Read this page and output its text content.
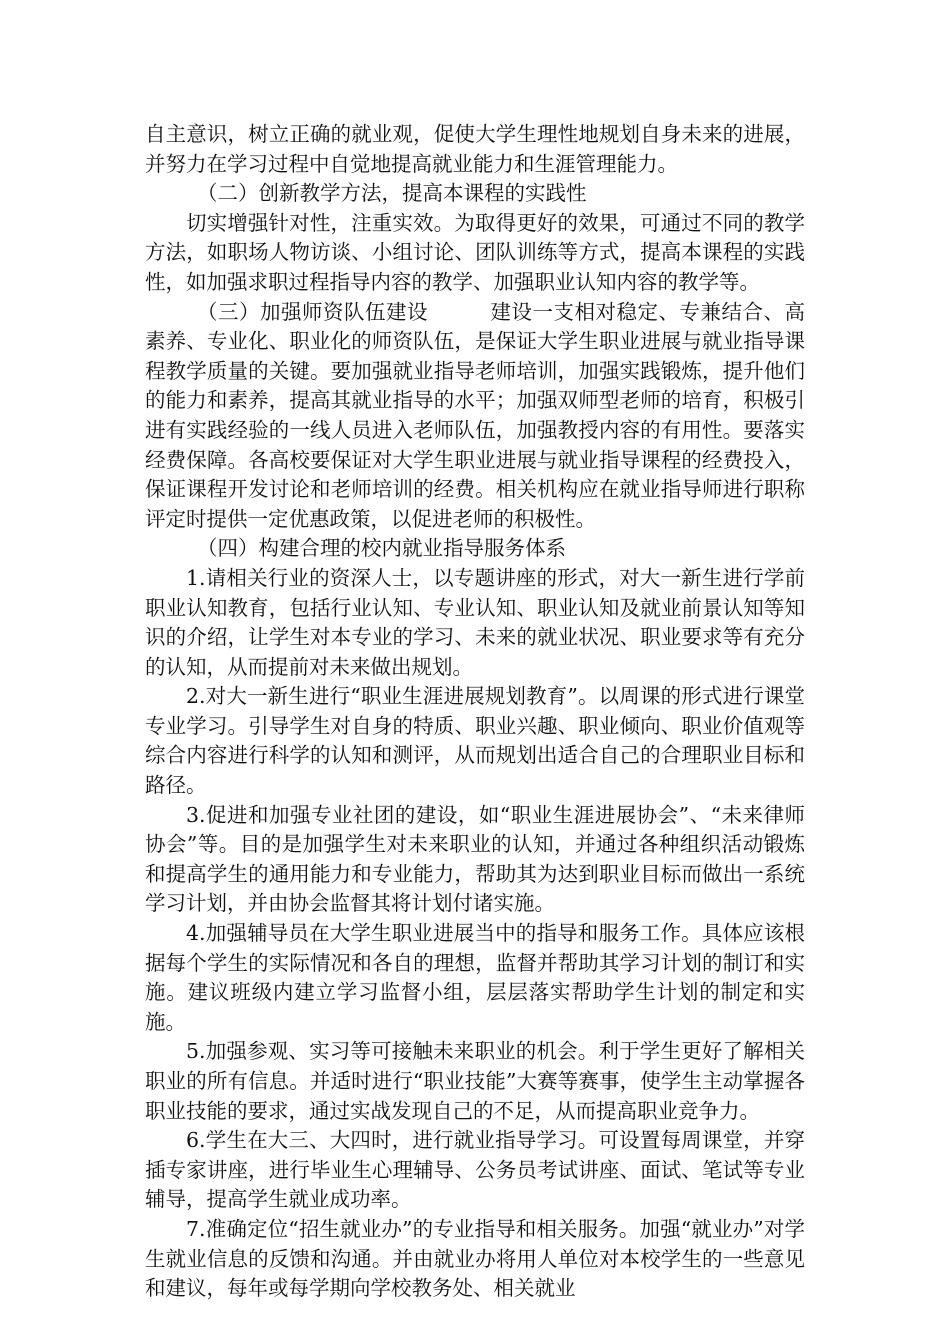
自主意识，树立正确的就业观，促使大学生理性地规划自身未来的进展，并努力在学习过程中自觉地提高就业能力和生涯管理能力。

（二）创新教学方法，提高本课程的实践性

切实增强针对性，注重实效。为取得更好的效果，可通过不同的教学方法，如职场人物访谈、小组讨论、团队训练等方式，提高本课程的实践性，如加强求职过程指导内容的教学、加强职业认知内容的教学等。

（三）加强师资队伍建设	建设一支相对稳定、专兼结合、高素养、专业化、职业化的师资队伍，是保证大学生职业进展与就业指导课程教学质量的关键。要加强就业指导老师培训，加强实践锻炼，提升他们的能力和素养，提高其就业指导的水平；加强双师型老师的培育，积极引进有实践经验的一线人员进入老师队伍，加强教授内容的有用性。要落实经费保障。各高校要保证对大学生职业进展与就业指导课程的经费投入，保证课程开发讨论和老师培训的经费。相关机构应在就业指导师进行职称评定时提供一定优惠政策，以促进老师的积极性。

（四）构建合理的校内就业指导服务体系

1.请相关行业的资深人士，以专题讲座的形式，对大一新生进行学前职业认知教育，包括行业认知、专业认知、职业认知及就业前景认知等知识的介绍，让学生对本专业的学习、未来的就业状况、职业要求等有充分的认知，从而提前对未来做出规划。

2.对大一新生进行“职业生涯进展规划教育”。以周课的形式进行课堂专业学习。引导学生对自身的特质、职业兴趣、职业倾向、职业价值观等综合内容进行科学的认知和测评，从而规划出适合自己的合理职业目标和路径。

3.促进和加强专业社团的建设，如“职业生涯进展协会”、“未来律师协会”等。目的是加强学生对未来职业的认知，并通过各种组织活动锻炼和提高学生的通用能力和专业能力，帮助其为达到职业目标而做出一系统学习计划，并由协会监督其将计划付诸实施。

4.加强辅导员在大学生职业进展当中的指导和服务工作。具体应该根据每个学生的实际情况和各自的理想，监督并帮助其学习计划的制订和实施。建议班级内建立学习监督小组，层层落实帮助学生计划的制定和实施。

5.加强参观、实习等可接触未来职业的机会。利于学生更好了解相关职业的所有信息。并适时进行“职业技能”大赛等赛事，使学生主动掌握各职业技能的要求，通过实战发现自己的不足，从而提高职业竞争力。

6.学生在大三、大四时，进行就业指导学习。可设置每周课堂，并穿插专家讲座，进行毕业生心理辅导、公务员考试讲座、面试、笔试等专业辅导，提高学生就业成功率。

7.准确定位“招生就业办”的专业指导和相关服务。加强“就业办”对学生就业信息的反馈和沟通。并由就业办将用人单位对本校学生的一些意见和建议，每年或每学期向学校教务处、相关就业
